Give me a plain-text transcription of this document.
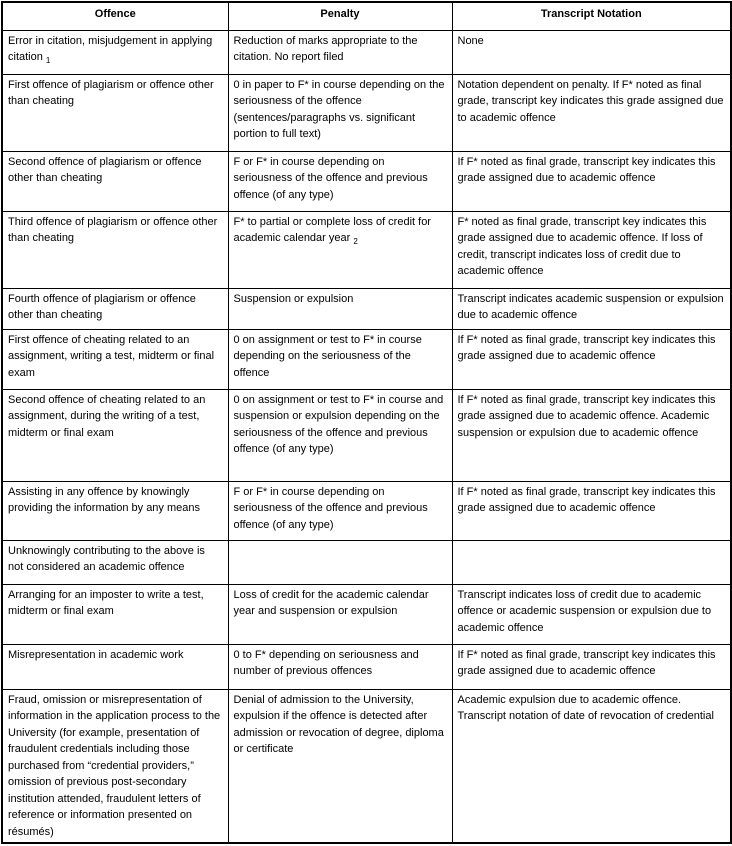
Offence	Penalty	Transcript Notation
Error in citation, misjudgement in applying citation $_1$	Reduction of marks appropriate to the citation. No report filed	None
First offence of plagiarism or offence other than cheating	0 in paper to F* in course depending on the seriousness of the offence (sentences/paragraphs vs. significant portion to full text)	Notation dependent on penalty. If F* noted as final grade, transcript key indicates this grade assigned due to academic offence
Second offence of plagiarism or offence other than cheating	F or F* in course depending on seriousness of the offence and previous offence (of any type)	If F* noted as final grade, transcript key indicates this grade assigned due to academic offence
Third offence of plagiarism or offence other than cheating	F* to partial or complete loss of credit for academic calendar year $_2$	F* noted as final grade, transcript key indicates this grade assigned due to academic offence. If loss of credit, transcript indicates loss of credit due to academic offence
Fourth offence of plagiarism or offence other than cheating	Suspension or expulsion	Transcript indicates academic suspension or expulsion due to academic offence
First offence of cheating related to an assignment, writing a test, midterm or final exam	0 on assignment or test to F* in course depending on the seriousness of the offence	If F* noted as final grade, transcript key indicates this grade assigned due to academic offence
Second offence of cheating related to an assignment, during the writing of a test, midterm or final exam	0 on assignment or test to F* in course and suspension or expulsion depending on the seriousness of the offence and previous offence (of any type)	If F* noted as final grade, transcript key indicates this grade assigned due to academic offence. Academic suspension or expulsion due to academic offence
Assisting in any offence by knowingly providing the information by any means	F or F* in course depending on seriousness of the offence and previous offence (of any type)	If F* noted as final grade, transcript key indicates this grade assigned due to academic offence
Unknowingly contributing to the above is not considered an academic offence		
Arranging for an imposter to write a test, midterm or final exam	Loss of credit for the academic calendar year and suspension or expulsion	Transcript indicates loss of credit due to academic offence or academic suspension or expulsion due to academic offence
Misrepresentation in academic work	0 to F* depending on seriousness and number of previous offences	If F* noted as final grade, transcript key indicates this grade assigned due to academic offence
Fraud, omission or misrepresentation of information in the application process to the University (for example, presentation of fraudulent credentials including those purchased from “credential providers,” omission of previous post-secondary institution attended, fraudulent letters of reference or information presented on résumés)	Denial of admission to the University, expulsion if the offence is detected after admission or revocation of degree, diploma or certificate	Academic expulsion due to academic offence. Transcript notation of date of revocation of credential
